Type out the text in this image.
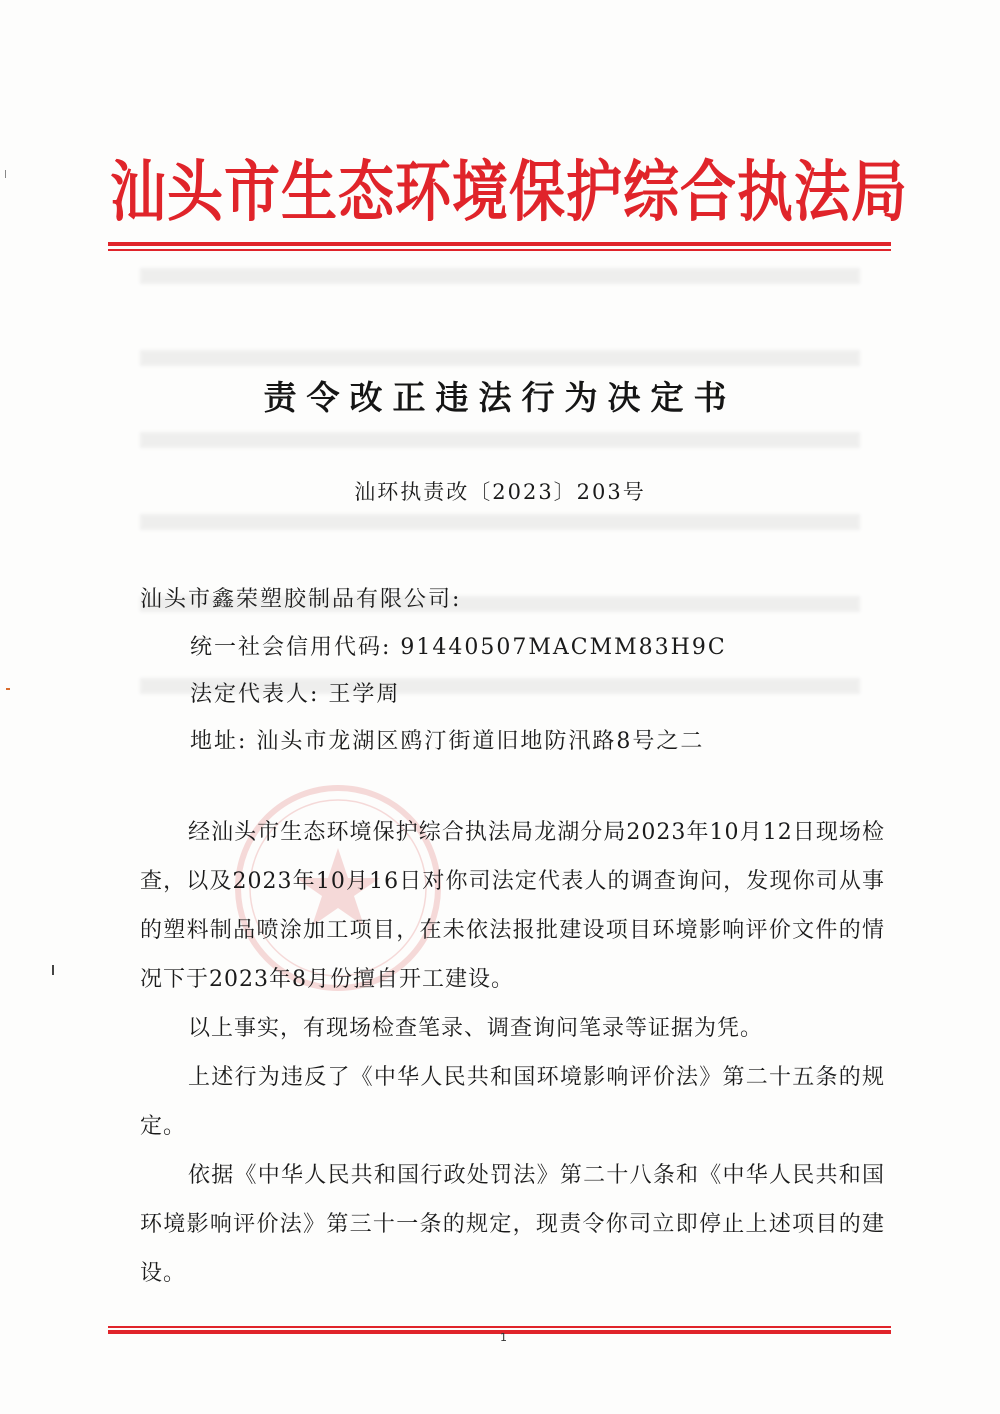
汕头市生态环境保护综合执法局
责令改正违法行为决定书
汕环执责改〔2023〕203号
汕头市鑫荣塑胶制品有限公司:
统一社会信用代码: 91440507MACMM83H9C
法定代表人: 王学周
地址: 汕头市龙湖区鸥汀街道旧地防汛路8号之二
经汕头市生态环境保护综合执法局龙湖分局2023年10月12日现场检查，以及2023年10月16日对你司法定代表人的调查询问，发现你司从事的塑料制品喷涂加工项目，在未依法报批建设项目环境影响评价文件的情况下于2023年8月份擅自开工建设。
以上事实，有现场检查笔录、调查询问笔录等证据为凭。
上述行为违反了《中华人民共和国环境影响评价法》第二十五条的规定。
依据《中华人民共和国行政处罚法》第二十八条和《中华人民共和国环境影响评价法》第三十一条的规定，现责令你司立即停止上述项目的建设。
1
